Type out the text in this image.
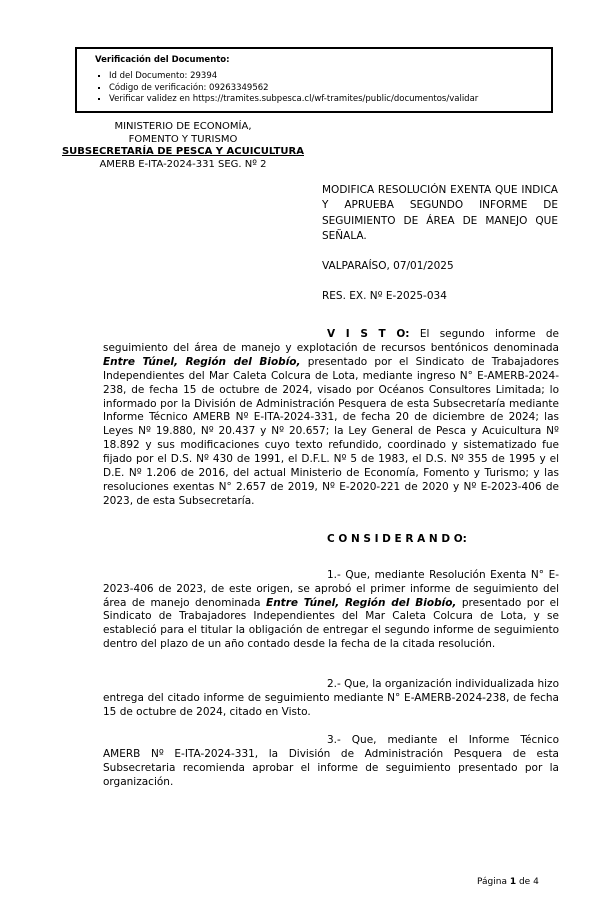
Verificación del Documento:
▪ Id del Documento: 29394
▪ Código de verificación: 09263349562
▪ Verificar validez en https://tramites.subpesca.cl/wf-tramites/public/documentos/validar
MINISTERIO DE ECONOMÍA,
FOMENTO Y TURISMO
SUBSECRETARÍA DE PESCA Y ACUICULTURA
AMERB E-ITA-2024-331 SEG. Nº 2
MODIFICA RESOLUCIÓN EXENTA QUE INDICA Y APRUEBA SEGUNDO INFORME DE SEGUIMIENTO DE ÁREA DE MANEJO QUE SEÑALA.
VALPARAÍSO, 07/01/2025
RES. EX. Nº E-2025-034

V I S T O: El segundo informe de seguimiento del área de manejo y explotación de recursos bentónicos denominada Entre Túnel, Región del Biobío, presentado por el Sindicato de Trabajadores Independientes del Mar Caleta Colcura de Lota, mediante ingreso N° E-AMERB-2024-238, de fecha 15 de octubre de 2024, visado por Océanos Consultores Limitada; lo informado por la División de Administración Pesquera de esta Subsecretaría mediante Informe Técnico AMERB Nº E-ITA-2024-331, de fecha 20 de diciembre de 2024; las Leyes Nº 19.880, Nº 20.437 y Nº 20.657; la Ley General de Pesca y Acuicultura Nº 18.892 y sus modificaciones cuyo texto refundido, coordinado y sistematizado fue fijado por el D.S. Nº 430 de 1991, el D.F.L. Nº 5 de 1983, el D.S. Nº 355 de 1995 y el D.E. Nº 1.206 de 2016, del actual Ministerio de Economía, Fomento y Turismo; y las resoluciones exentas N° 2.657 de 2019, Nº E-2020-221 de 2020 y Nº E-2023-406 de 2023, de esta Subsecretaría.

C O N S I D E R A N D O:

1.- Que, mediante Resolución Exenta N° E-2023-406 de 2023, de este origen, se aprobó el primer informe de seguimiento del área de manejo denominada Entre Túnel, Región del Biobío, presentado por el Sindicato de Trabajadores Independientes del Mar Caleta Colcura de Lota, y se estableció para el titular la obligación de entregar el segundo informe de seguimiento dentro del plazo de un año contado desde la fecha de la citada resolución.

2.- Que, la organización individualizada hizo entrega del citado informe de seguimiento mediante N° E-AMERB-2024-238, de fecha 15 de octubre de 2024, citado en Visto.

3.- Que, mediante el Informe Técnico AMERB Nº E-ITA-2024-331, la División de Administración Pesquera de esta Subsecretaria recomienda aprobar el informe de seguimiento presentado por la organización.

Página 1 de 4
